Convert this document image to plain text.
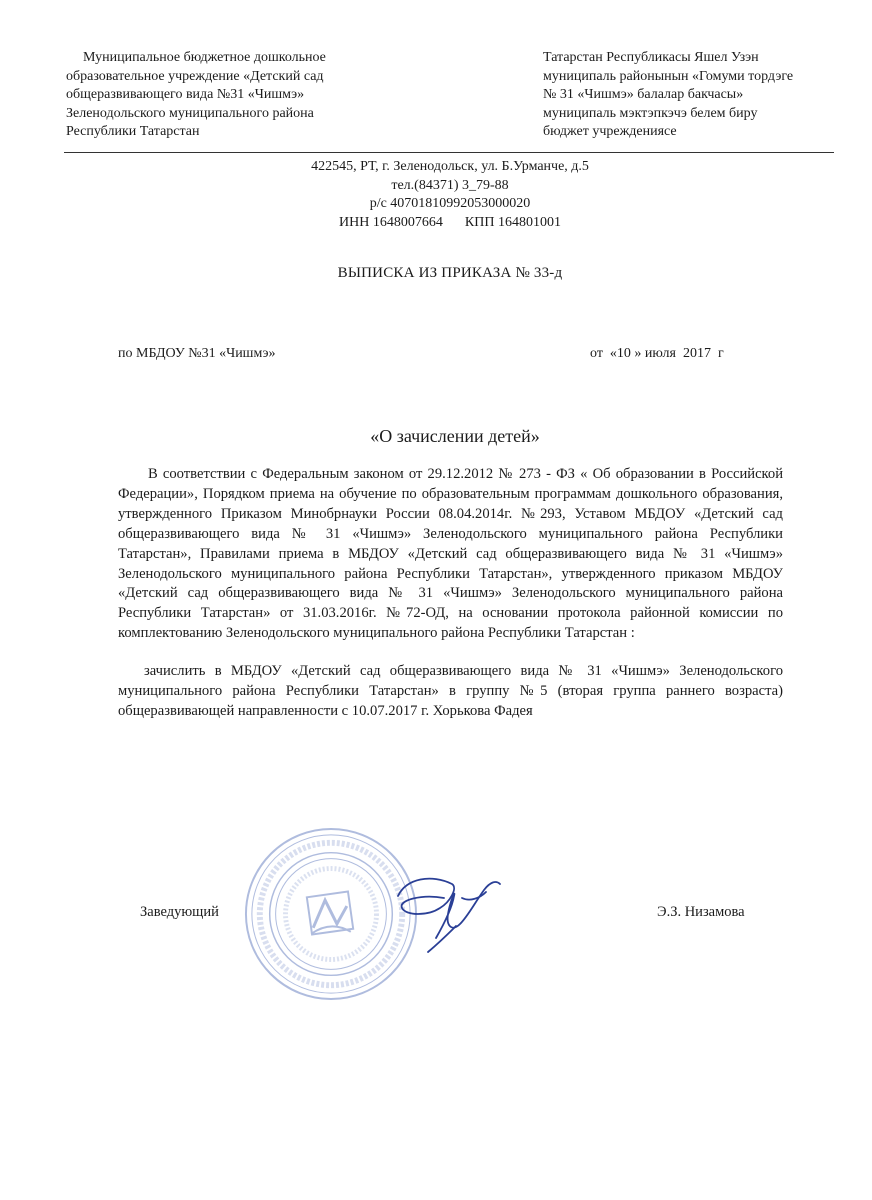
Муниципальное бюджетное дошкольное
образовательное учреждение «Детский сад
общеразвивающего вида №31 «Чишмэ»
Зеленодольского муниципального района
Республики Татарстан
Татарстан Республикасы Яшел Узэн
муниципаль районынын «Гомуми тордэге
№ 31 «Чишмэ» балалар бакчасы»
муниципаль мэктэпкэчэ белем биру
бюджет учреждениясе
422545, РТ, г. Зеленодольск, ул. Б.Урманче, д.5
тел.(84371) 3_79-88
р/с 40701810992053000020
ИНН 1648007664 КПП 164801001
ВЫПИСКА ИЗ ПРИКАЗА № 33-д
по МБДОУ №31 «Чишмэ»	от  «10 » июля  2017  г
«О зачислении детей»

В соответствии с Федеральным законом от 29.12.2012 № 273 - ФЗ « Об образовании в Российской Федерации», Порядком приема на обучение по образовательным программам дошкольного образования, утвержденного Приказом Минобрнауки России 08.04.2014г. №293, Уставом МБДОУ «Детский сад общеразвивающего вида № 31 «Чишмэ» Зеленодольского муниципального района Республики Татарстан», Правилами приема в МБДОУ «Детский сад общеразвивающего вида № 31 «Чишмэ» Зеленодольского муниципального района Республики Татарстан», утвержденного приказом МБДОУ «Детский сад общеразвивающего вида № 31 «Чишмэ» Зеленодольского муниципального района Республики Татарстан» от 31.03.2016г. №72-ОД, на основании протокола районной комиссии по комплектованию Зеленодольского муниципального района Республики Татарстан :

зачислить в МБДОУ «Детский сад общеразвивающего вида № 31 «Чишмэ» Зеленодольского муниципального района Республики Татарстан» в группу №5 (вторая группа раннего возраста) общеразвивающей направленности с 10.07.2017 г. Хорькова Фадея

Заведующий	Э.З. Низамова
